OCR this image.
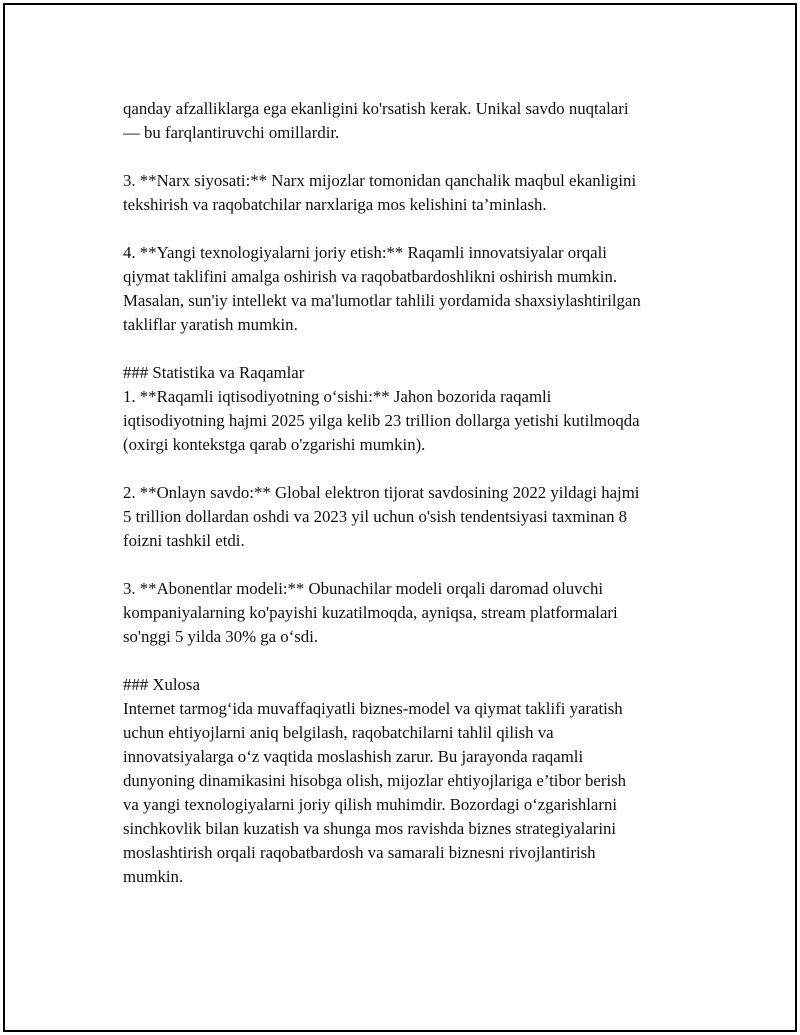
qanday afzalliklarga ega ekanligini ko'rsatish kerak. Unikal savdo nuqtalari
— bu farqlantiruvchi omillardir.

3. **Narx siyosati:** Narx mijozlar tomonidan qanchalik maqbul ekanligini
tekshirish va raqobatchilar narxlariga mos kelishini ta’minlash.

4. **Yangi texnologiyalarni joriy etish:** Raqamli innovatsiyalar orqali
qiymat taklifini amalga oshirish va raqobatbardoshlikni oshirish mumkin.
Masalan, sun'iy intellekt va ma'lumotlar tahlili yordamida shaxsiylashtirilgan
takliflar yaratish mumkin.

### Statistika va Raqamlar

1. **Raqamli iqtisodiyotning o‘sishi:** Jahon bozorida raqamli
iqtisodiyotning hajmi 2025 yilga kelib 23 trillion dollarga yetishi kutilmoqda
(oxirgi kontekstga qarab o'zgarishi mumkin).

2. **Onlayn savdo:** Global elektron tijorat savdosining 2022 yildagi hajmi
5 trillion dollardan oshdi va 2023 yil uchun o'sish tendentsiyasi taxminan 8
foizni tashkil etdi.

3. **Abonentlar modeli:** Obunachilar modeli orqali daromad oluvchi
kompaniyalarning ko'payishi kuzatilmoqda, ayniqsa, stream platformalari
so'nggi 5 yilda 30% ga o‘sdi.

### Xulosa

Internet tarmog‘ida muvaffaqiyatli biznes-model va qiymat taklifi yaratish
uchun ehtiyojlarni aniq belgilash, raqobatchilarni tahlil qilish va
innovatsiyalarga o‘z vaqtida moslashish zarur. Bu jarayonda raqamli
dunyoning dinamikasini hisobga olish, mijozlar ehtiyojlariga e’tibor berish
va yangi texnologiyalarni joriy qilish muhimdir. Bozordagi o‘zgarishlarni
sinchkovlik bilan kuzatish va shunga mos ravishda biznes strategiyalarini
moslashtirish orqali raqobatbardosh va samarali biznesni rivojlantirish
mumkin.
